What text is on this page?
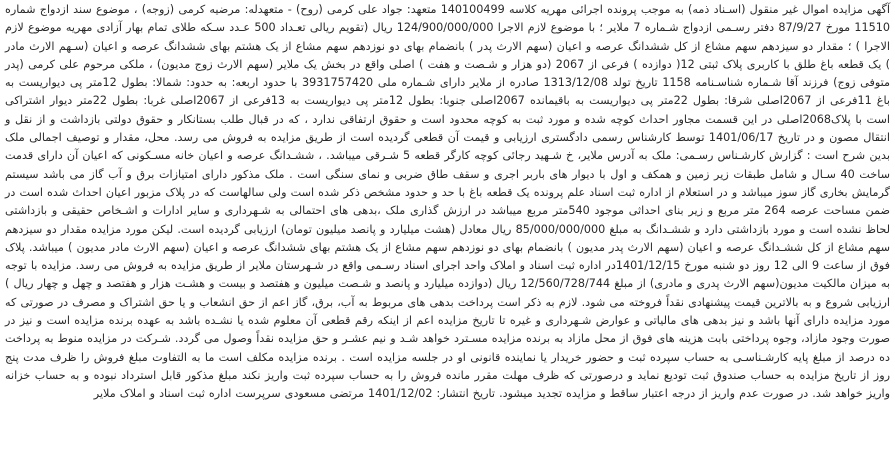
آگهی مزایده اموال غیر منقول (اسـناد ذمه) به موجب پرونده اجرائی مهریه کلاسه 140100499 متعهد: جواد علی کرمی (روح) - متعهدله: مرضیه کرمی (زوجه) ، موضوع سند ازدواج شماره 11510 مورخ 87/9/27 دفتر رسـمی ازدواج شـماره 7 ملایر ؛ با موضوع لازم الاجرا 124/900/000/000 ریال (تقویم ریالی تعـداد 500 عـدد سـکه طلای تمام بهار آزادی مهریه موضوع لازم الاجرا ) ؛ مقدار دو سیزدهم سهم مشاع از کل ششدانگ عرصه و اعیان (سهم الارث پدر ) بانضمام بهای دو نوزدهم سهم مشاع از یک هشتم بهای ششدانگ عرصه و اعیان (سـهم الارث مادر ) یک قطعه باغ طلق با کاربری پلاک ثبتی 12( دوازده ) فرعی از 2067 (دو هزار و شـصت و هفت ) اصلی واقع در بخش یک ملایر (سهم الارث زوج مدیون) ، ملکی مرحوم علی کرمی (پدر متوفی زوج) فرزند آقا شـماره شناسـنامه 1158 تاریخ تولد 1313/12/08 صادره از ملایر دارای شـماره ملی 3931757420 با حدود اربعه: به حدود: شمالا: بطول 12متر پی دیواریست به باغ 11فرعی از 2067اصلی شرقا: بطول 22متر پی دیواریست به باقیمانده 2067اصلی جنوبا: بطول 12متر پی دیواریست به 13فرعی از 2067اصلی غربا: بطول 22متر دیوار اشتراکی است با پلاک2068اصلی در این قسمت مجاور احداث کوچه شده و مورد ثبت به کوچه محدود است و حقوق ارتفاقی ندارد ، که در قبال طلب بستانکار و حقوق دولتی بازداشت و از نقل و انتقال مصون و در تاریخ 1401/06/17 توسط کارشناس رسمی دادگستری ارزیابی و قیمت آن قطعی گردیده است از طریق مزایده به فروش می رسد. محل، مقدار و توصیف اجمالی ملک بدین شرح است : گزارش کارشـناس رسـمی: ملک به آدرس ملایر، خ شـهید رجائی کوچه کارگر قطعه 5 شـرقی میباشد. ، ششـدانگ عرصه و اعیان خانه مسـکونی که اعیان آن دارای قدمت ساخت 40 سـال و شامل طبقات زیر زمین و همکف و اول با دیوار های باربر اجری و سقف طاق ضربی و نمای سنگی است . ملک مذکور دارای امتیازات برق و آب گاز می باشد سیستم گرمایش بخاری گاز سوز میباشد و در استعلام از اداره ثبت اسناد علم پرونده یک قطعه باغ با حد و حدود مشخص ذکر شده است ولی سالهاست که در پلاک مزبور اعیان احداث شده است در ضمن مساحت عرصه 264 متر مربع و زیر بنای احداثی موجود 540متر مربع میباشد در ارزش گذاری ملک ،بدهی های احتمالی به شـهرداری و سایر ادارات و اشـخاص حقیقی و بازداشتی لحاظ نشده است و مورد بازداشتی دارد و ششـدانگ به مبلغ 85/000/000/000 ریال معادل (هشت میلیارد و پانصد میلیون تومان) ارزیابی گردیده است. لیکن مورد مزایده مقدار دو سیزدهم سهم مشاع از کل ششـدانگ عرصه و اعیان (سهم الارث پدر مدیون ) بانضمام بهای دو نوزدهم سهم مشاع از یک هشتم بهای ششدانگ عرصه و اعیان (سهم الارث مادر مدیون ) میباشد. پلاک فوق از ساعت 9 الی 12 روز دو شنبه مورخ 1401/12/15در اداره ثبت اسناد و املاک واحد اجرای اسناد رسـمی واقع در شـهرستان ملایر از طریق مزایده به فروش می رسد. مزایده با توجه به میزان مالکیت مدیون(سهم الارث پدری و مادری) از مبلغ 12/560/728/744 ریال (دوازده میلیارد و پانصد و شـصت میلیون و هفتصد و بیست و هشـت هزار و هفتصد و چهل و چهار ریال ) ارزیابی شروع و به بالاترین قیمت پیشنهادی نقداً فروخته می شود. لازم به ذکر است پرداخت بدهی های مربوط به آب، برق، گاز اعم از حق انشعاب و یا حق اشتراک و مصرف در صورتی که مورد مزایده دارای آنها باشد و نیز بدهی های مالیاتی و عوارض شـهرداری و غیره تا تاریخ مزایده اعم از اینکه رقم قطعی آن معلوم شده یا نشـده باشد به عهده برنده مزایده است و نیز در صورت وجود مازاد، وجوه پرداختی بابت هزینه های فوق از محل مازاد به برنده مزایده مسـترد خواهد شـد و نیم عشـر و حق مزایده نقداً وصول می گردد. شـرکت در مزایده منوط به پرداخت ده درصد از مبلغ پایه کارشـناسـی به حساب سپرده ثبت و حضور خریدار یا نماینده قانونی او در جلسه مزایده است . برنده مزایده مکلف است ما به التفاوت مبلغ فروش را ظرف مدت پنج روز از تاریخ مزایده به حساب صندوق ثبت تودیع نماید و درصورتی که ظرف مهلت مقرر مانده فروش را به حساب سپرده ثبت واریز نکند مبلغ مذکور قابل استرداد نبوده و به حساب خزانه واریز خواهد شد. در صورت عدم واریز از درجه اعتبار ساقط و مزایده تجدید میشود. تاریخ انتشار: 1401/12/02 مرتضی مسعودی سرپرست اداره ثبت اسناد و املاک ملایر
